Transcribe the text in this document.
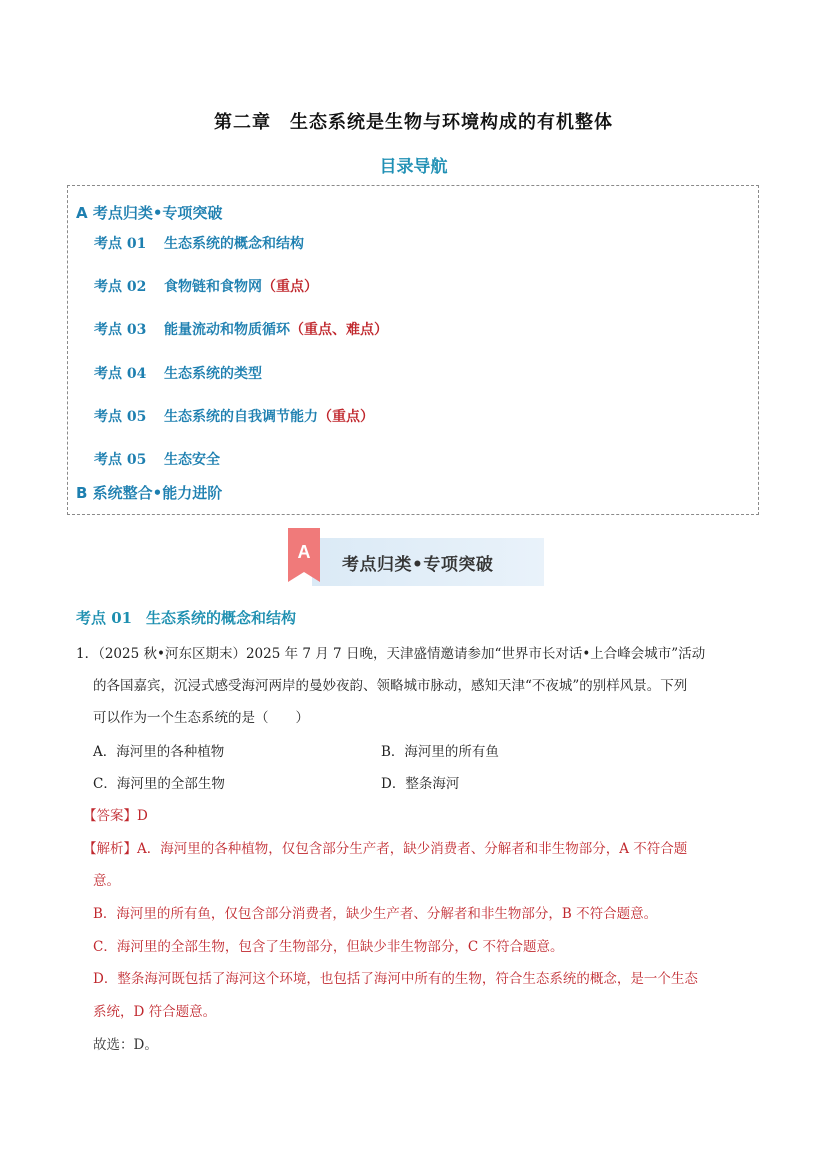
第二章　生态系统是生物与环境构成的有机整体
目录导航
A 考点归类•专项突破
考点 01 生态系统的概念和结构
考点 02 食物链和食物网（重点）
考点 03 能量流动和物质循环（重点、难点）
考点 04 生态系统的类型
考点 05 生态系统的自我调节能力（重点）
考点 05 生态安全
B 系统整合•能力进阶
A
考点归类•专项突破
考点 01 生态系统的概念和结构
1．（2025 秋•河东区期末）2025 年 7 月 7 日晚，天津盛情邀请参加“世界市长对话•上合峰会城市”活动
的各国嘉宾，沉浸式感受海河两岸的曼妙夜韵、领略城市脉动，感知天津“不夜城”的别样风景。下列
可以作为一个生态系统的是（　　）
A．海河里的各种植物	B．海河里的所有鱼
C．海河里的全部生物	D．整条海河
【答案】D
【解析】A．海河里的各种植物，仅包含部分生产者，缺少消费者、分解者和非生物部分，A 不符合题
意。
B．海河里的所有鱼，仅包含部分消费者，缺少生产者、分解者和非生物部分，B 不符合题意。
C．海河里的全部生物，包含了生物部分，但缺少非生物部分，C 不符合题意。
D．整条海河既包括了海河这个环境，也包括了海河中所有的生物，符合生态系统的概念，是一个生态
系统，D 符合题意。
故选：D。
